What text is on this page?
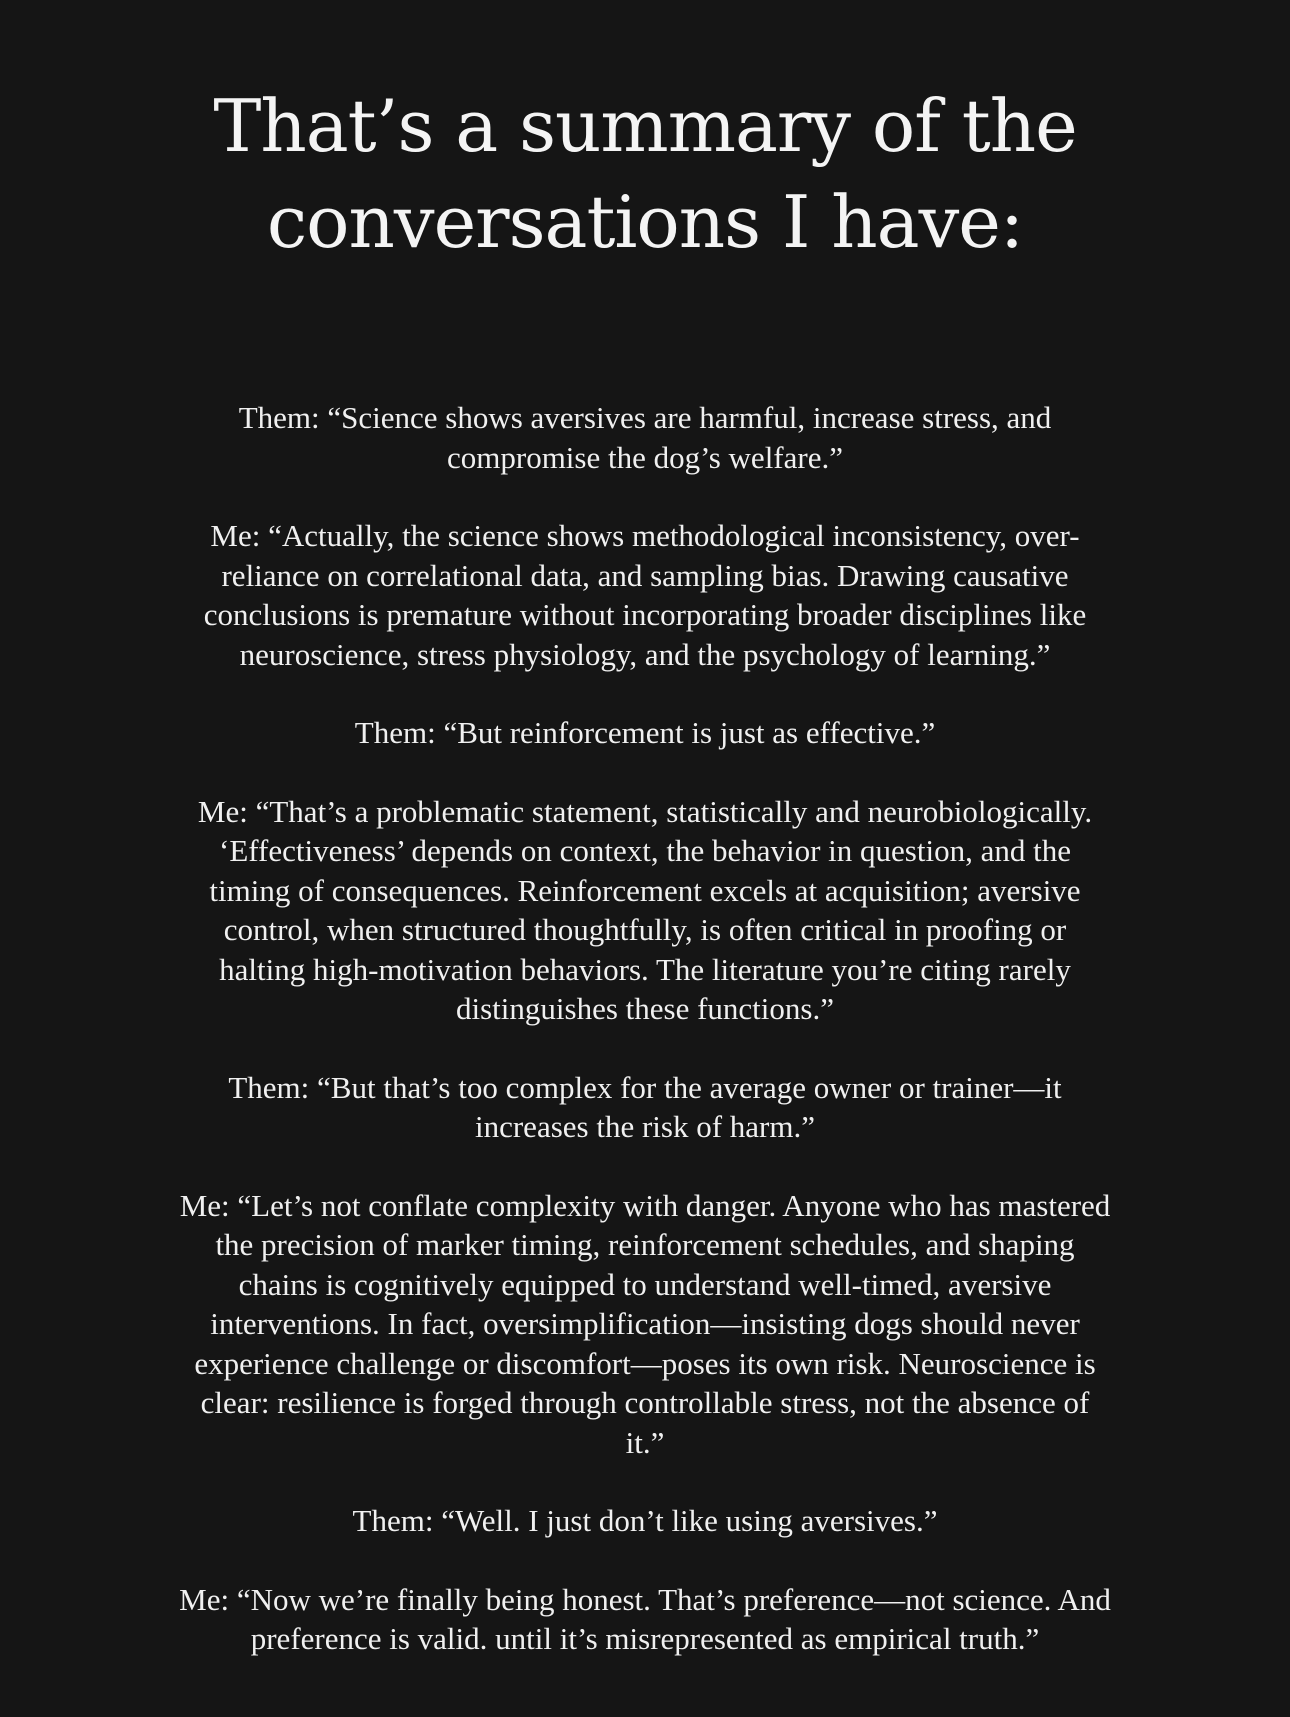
That’s a summary of the
conversations I have:

Them: “Science shows aversives are harmful, increase stress, and
compromise the dog’s welfare.”

Me: “Actually, the science shows methodological inconsistency, over-
reliance on correlational data, and sampling bias. Drawing causative
conclusions is premature without incorporating broader disciplines like
neuroscience, stress physiology, and the psychology of learning.”

Them: “But reinforcement is just as effective.”

Me: “That’s a problematic statement, statistically and neurobiologically.
‘Effectiveness’ depends on context, the behavior in question, and the
timing of consequences. Reinforcement excels at acquisition; aversive
control, when structured thoughtfully, is often critical in proofing or
halting high-motivation behaviors. The literature you’re citing rarely
distinguishes these functions.”

Them: “But that’s too complex for the average owner or trainer—it
increases the risk of harm.”

Me: “Let’s not conflate complexity with danger. Anyone who has mastered
the precision of marker timing, reinforcement schedules, and shaping
chains is cognitively equipped to understand well-timed, aversive
interventions. In fact, oversimplification—insisting dogs should never
experience challenge or discomfort—poses its own risk. Neuroscience is
clear: resilience is forged through controllable stress, not the absence of
it.”

Them: “Well. I just don’t like using aversives.”

Me: “Now we’re finally being honest. That’s preference—not science. And
preference is valid. until it’s misrepresented as empirical truth.”
